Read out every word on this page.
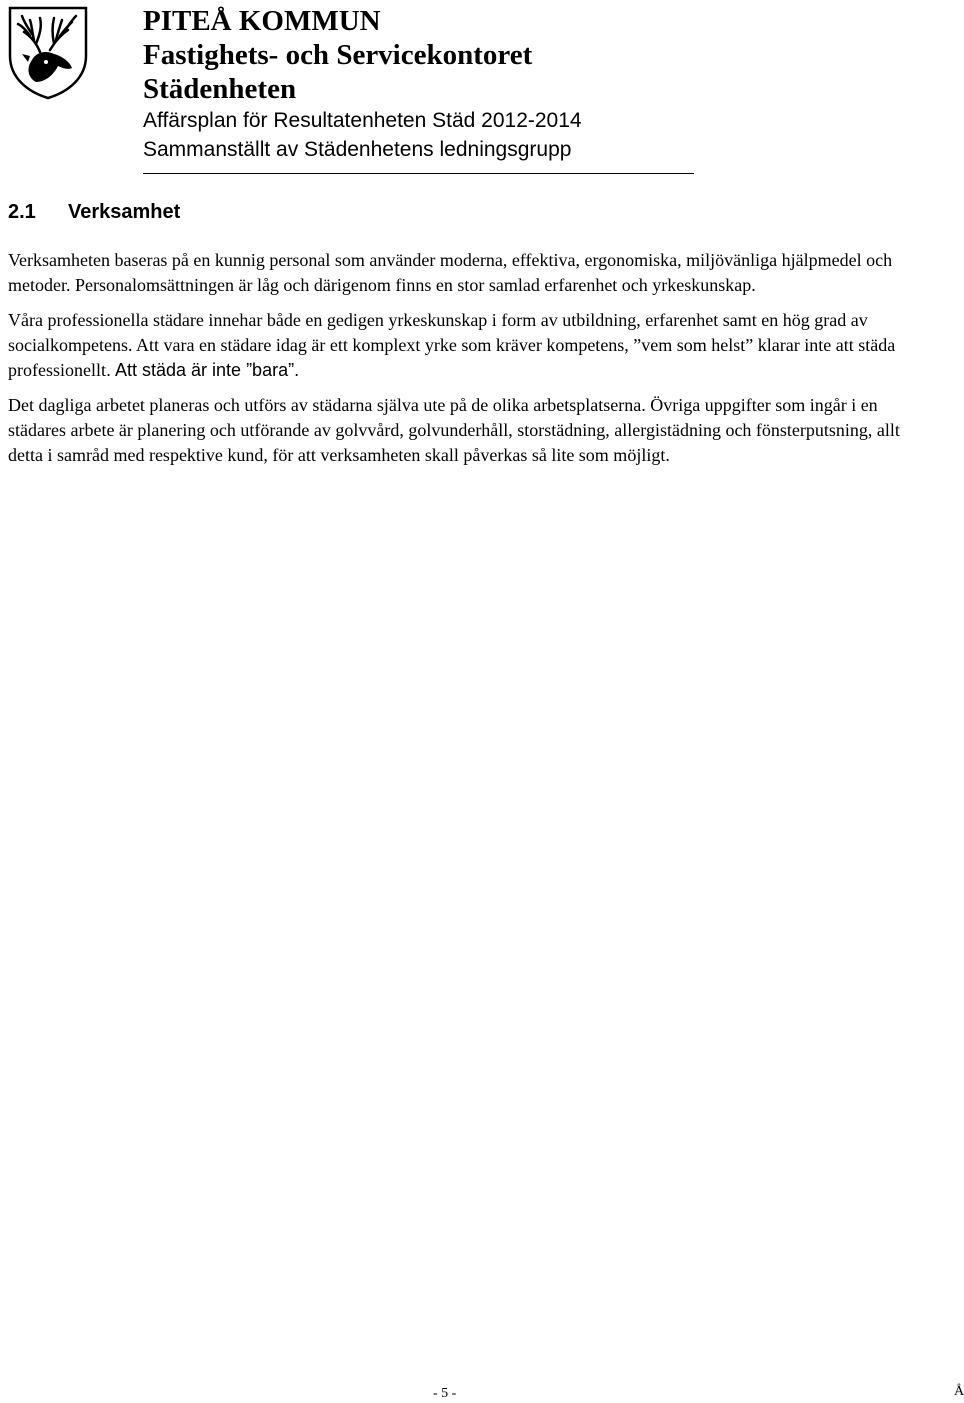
PITEÅ KOMMUN

Fastighets- och Servicekontoret

Städenheten

Affärsplan för Resultatenheten Städ 2012-2014

Sammanställt av Städenhetens ledningsgrupp

2.1 Verksamhet

Verksamheten baseras på en kunnig personal som använder moderna, effektiva, ergonomiska, miljövänliga hjälpmedel och metoder. Personalomsättningen är låg och därigenom finns en stor samlad erfarenhet och yrkeskunskap.

Våra professionella städare innehar både en gedigen yrkeskunskap i form av utbildning, erfarenhet samt en hög grad av socialkompetens. Att vara en städare idag är ett komplext yrke som kräver kompetens, ”vem som helst” klarar inte att städa professionellt. Att städa är inte ”bara”.

Det dagliga arbetet planeras och utförs av städarna själva ute på de olika arbetsplatserna. Övriga uppgifter som ingår i en städares arbete är planering och utförande av golvvård, golvunderhåll, storstädning, allergistädning och fönsterputsning, allt detta i samråd med respektive kund, för att verksamheten skall påverkas så lite som möjligt.

- 5 -	Å
